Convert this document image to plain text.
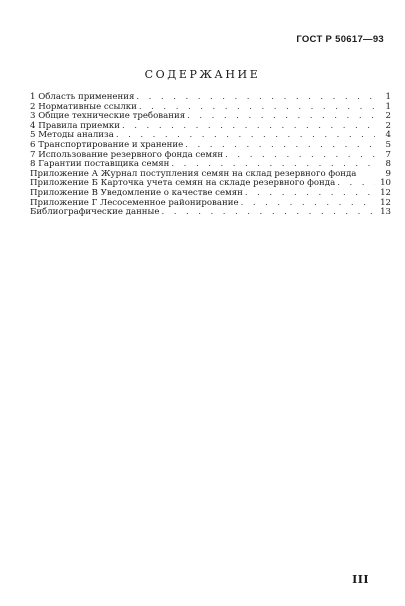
ГОСТ Р 50617—93
СОДЕРЖАНИЕ
1 Область применения . . .	1
2 Нормативные ссылки . . .	1
3 Общие технические требования . . .	2
4 Правила приемки . . .	2
5 Методы анализа . . .	4
6 Транспортирование и хранение . . .	5
7 Использование резервного фонда семян . . .	7
8 Гарантии поставщика семян . . .	8
Приложение А Журнал поступления семян на склад резервного фонда	9
Приложение Б Карточка учета семян на складе резервного фонда . . .	10
Приложение В Уведомление о качестве семян . . .	12
Приложение Г Лесосеменное районирование . . .	12
Библиографические данные . . .	13
III
